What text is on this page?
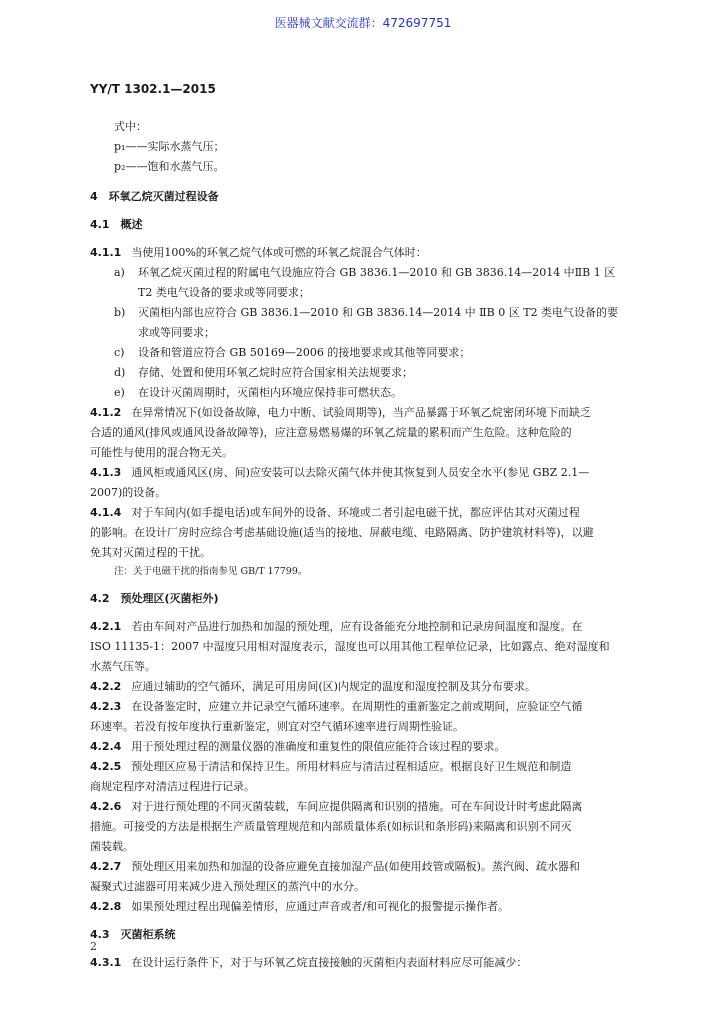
医器械文献交流群：472697751
YY/T 1302.1—2015

式中：

p₁——实际水蒸气压；

p₂——饱和水蒸气压。

4　环氧乙烷灭菌过程设备

4.1　概述

4.1.1 当使用100%的环氧乙烷气体或可燃的环氧乙烷混合气体时：

a)	环氧乙烷灭菌过程的附属电气设施应符合 GB 3836.1—2010 和 GB 3836.14—2014 中ⅡB 1 区

T2 类电气设备的要求或等同要求；

b)	灭菌柜内部也应符合 GB 3836.1—2010 和 GB 3836.14—2014 中 ⅡB 0 区 T2 类电气设备的要

求或等同要求；

c)	设备和管道应符合 GB 50169—2006 的接地要求或其他等同要求；
d)	存储、处置和使用环氧乙烷时应符合国家相关法规要求；
e)	在设计灭菌周期时，灭菌柜内环境应保持非可燃状态。

4.1.2 在异常情况下(如设备故障，电力中断、试验周期等)，当产品暴露于环氧乙烷密闭环境下而缺乏

合适的通风(排风或通风设备故障等)，应注意易燃易爆的环氧乙烷量的累积而产生危险。这种危险的

可能性与使用的混合物无关。

4.1.3 通风柜或通风区(房、间)应安装可以去除灭菌气体并使其恢复到人员安全水平(参见 GBZ 2.1—

2007)的设备。

4.1.4 对于车间内(如手提电话)或车间外的设备、环境或二者引起电磁干扰，都应评估其对灭菌过程

的影响。在设计厂房时应综合考虑基础设施(适当的接地、屏蔽电缆、电路隔离、防护建筑材料等)，以避

免其对灭菌过程的干扰。

注：关于电磁干扰的指南参见 GB/T 17799。

4.2　预处理区(灭菌柜外)

4.2.1 若由车间对产品进行加热和加湿的预处理，应有设备能充分地控制和记录房间温度和湿度。在

ISO 11135-1：2007 中湿度只用相对湿度表示，湿度也可以用其他工程单位记录，比如露点、绝对湿度和

水蒸气压等。

4.2.2 应通过辅助的空气循环，满足可用房间(区)内规定的温度和湿度控制及其分布要求。

4.2.3 在设备鉴定时，应建立并记录空气循环速率。在周期性的重新鉴定之前或期间，应验证空气循

环速率。若没有按年度执行重新鉴定，则宜对空气循环速率进行周期性验证。

4.2.4 用于预处理过程的测量仪器的准确度和重复性的限值应能符合该过程的要求。

4.2.5 预处理区应易于清洁和保持卫生。所用材料应与清洁过程相适应。根据良好卫生规范和制造

商规定程序对清洁过程进行记录。

4.2.6 对于进行预处理的不同灭菌装载，车间应提供隔离和识别的措施。可在车间设计时考虑此隔离

措施。可接受的方法是根据生产质量管理规范和内部质量体系(如标识和条形码)来隔离和识别不同灭

菌装载。

4.2.7 预处理区用来加热和加湿的设备应避免直接加湿产品(如使用歧管或隔板)。蒸汽阀、疏水器和

凝聚式过滤器可用来减少进入预处理区的蒸汽中的水分。

4.2.8 如果预处理过程出现偏差情形，应通过声音或者/和可视化的报警提示操作者。

4.3　灭菌柜系统

4.3.1 在设计运行条件下，对于与环氧乙烷直接接触的灭菌柜内表面材料应尽可能减少：

2
